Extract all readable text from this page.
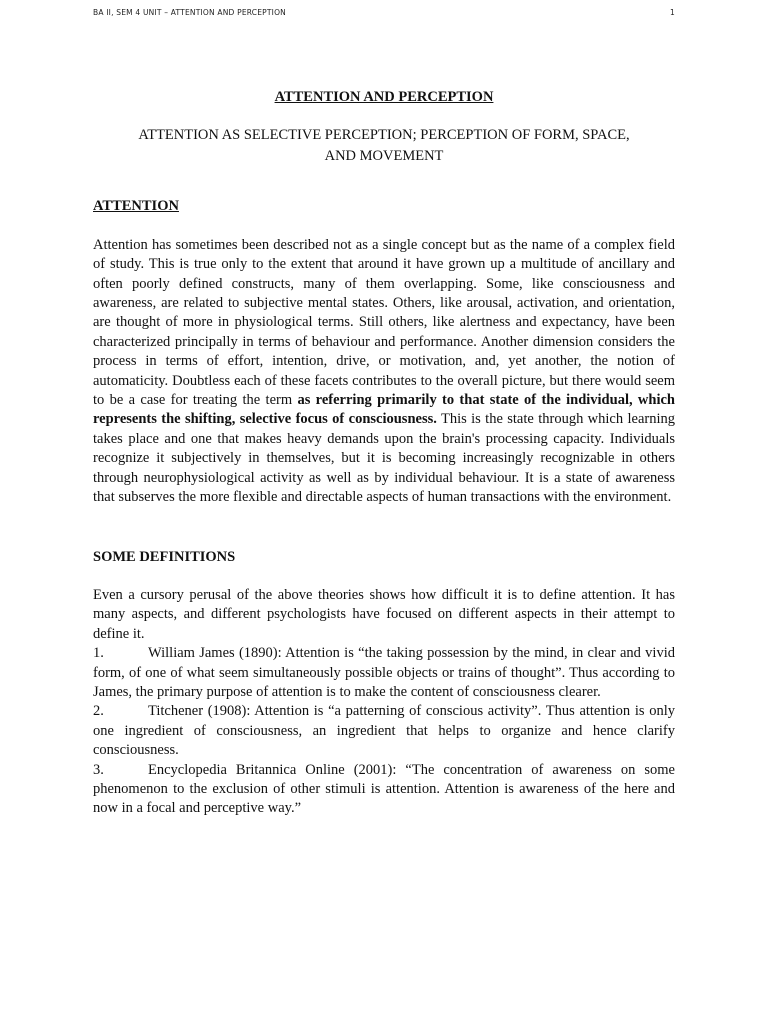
BA II, SEM 4 UNIT – ATTENTION AND PERCEPTION	1

ATTENTION AND PERCEPTION

ATTENTION AS SELECTIVE PERCEPTION; PERCEPTION OF FORM, SPACE, AND MOVEMENT

ATTENTION

Attention has sometimes been described not as a single concept but as the name of a complex field of study. This is true only to the extent that around it have grown up a multitude of ancillary and often poorly defined constructs, many of them overlapping. Some, like consciousness and awareness, are related to subjective mental states. Others, like arousal, activation, and orientation, are thought of more in physiological terms. Still others, like alertness and expectancy, have been characterized principally in terms of behaviour and performance. Another dimension considers the process in terms of effort, intention, drive, or motivation, and, yet another, the notion of automaticity. Doubtless each of these facets contributes to the overall picture, but there would seem to be a case for treating the term as referring primarily to that state of the individual, which represents the shifting, selective focus of consciousness. This is the state through which learning takes place and one that makes heavy demands upon the brain's processing capacity. Individuals recognize it subjectively in themselves, but it is becoming increasingly recognizable in others through neurophysiological activity as well as by individual behaviour. It is a state of awareness that subserves the more flexible and directable aspects of human transactions with the environment.

SOME DEFINITIONS

Even a cursory perusal of the above theories shows how difficult it is to define attention. It has many aspects, and different psychologists have focused on different aspects in their attempt to define it.

1.	William James (1890): Attention is “the taking possession by the mind, in clear and vivid form, of one of what seem simultaneously possible objects or trains of thought”. Thus according to James, the primary purpose of attention is to make the content of consciousness clearer.

2.	Titchener (1908): Attention is “a patterning of conscious activity”. Thus attention is only one ingredient of consciousness, an ingredient that helps to organize and hence clarify consciousness.

3.	Encyclopedia Britannica Online (2001): “The concentration of awareness on some phenomenon to the exclusion of other stimuli is attention. Attention is awareness of the here and now in a focal and perceptive way.”
